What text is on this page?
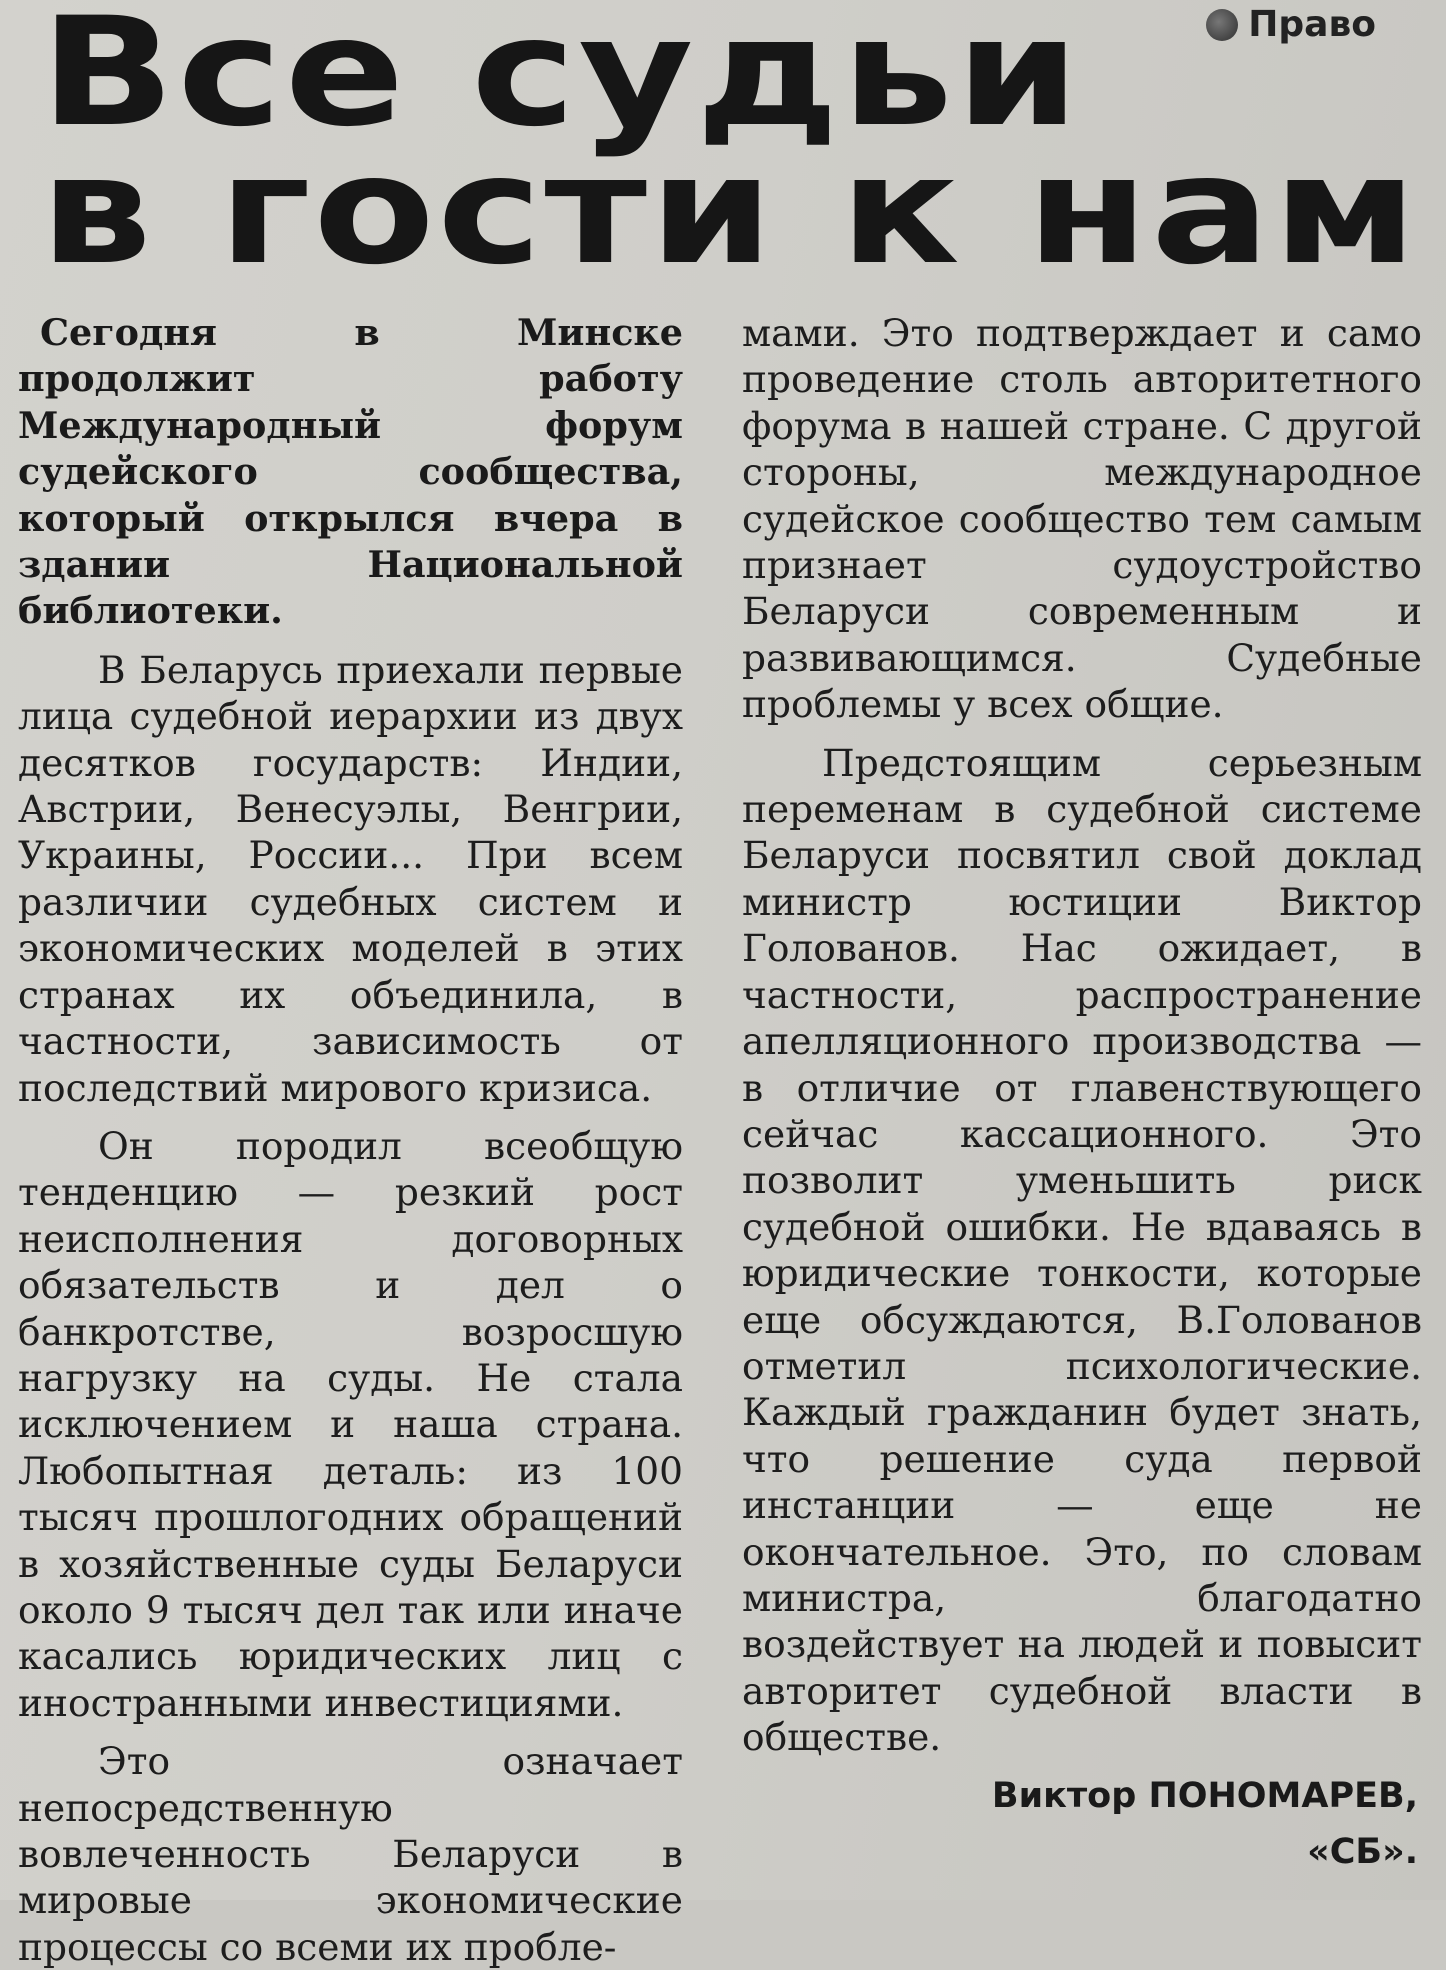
Право
Все судьи
в гости к нам

Сегодня в Минске продолжит работу Международный форум судейского сообщества, который открылся вчера в здании Национальной библиотеки.

В Беларусь приехали первые лица судебной иерархии из двух десятков государств: Индии, Австрии, Венесуэлы, Венгрии, Украины, России... При всем различии судебных систем и экономических моделей в этих странах их объединила, в частности, зависимость от последствий мирового кризиса.

Он породил всеобщую тенденцию — резкий рост неисполнения договорных обязательств и дел о банкротстве, возросшую нагрузку на суды. Не стала исключением и наша страна. Любопытная деталь: из 100 тысяч прошлогодних обращений в хозяйственные суды Беларуси около 9 тысяч дел так или иначе касались юридических лиц с иностранными инвестициями.

Это означает непосредственную вовлеченность Беларуси в мировые экономические процессы со всеми их пробле-

мами. Это подтверждает и само проведение столь авторитетного форума в нашей стране. С другой стороны, международное судейское сообщество тем самым признает судоустройство Беларуси современным и развивающимся. Судебные проблемы у всех общие.

Предстоящим серьезным переменам в судебной системе Беларуси посвятил свой доклад министр юстиции Виктор Голованов. Нас ожидает, в частности, распространение апелляционного производства — в отличие от главенствующего сейчас кассационного. Это позволит уменьшить риск судебной ошибки. Не вдаваясь в юридические тонкости, которые еще обсуждаются, В.Голованов отметил психологические. Каждый гражданин будет знать, что решение суда первой инстанции — еще не окончательное. Это, по словам министра, благодатно воздействует на людей и повысит авторитет судебной власти в обществе.

Виктор ПОНОМАРЕВ,
«СБ».
